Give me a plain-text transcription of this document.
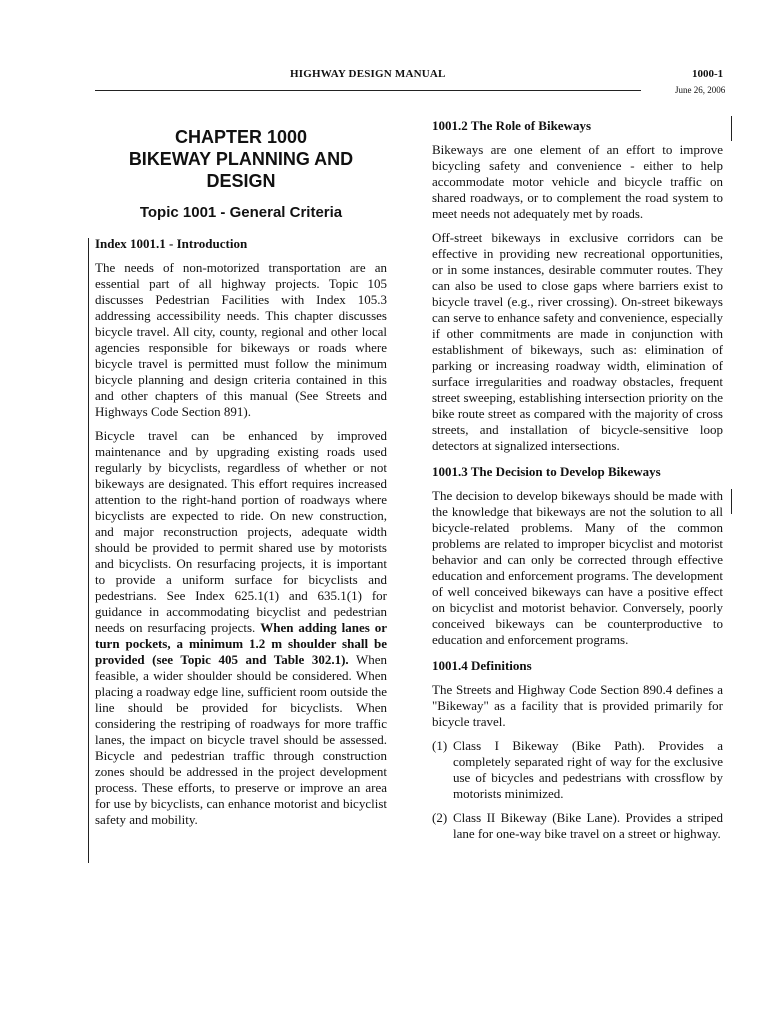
HIGHWAY DESIGN MANUAL	1000-1
June 26, 2006
CHAPTER 1000
BIKEWAY PLANNING AND
DESIGN
Topic 1001 - General Criteria
Index 1001.1 - Introduction

The needs of non-motorized transportation are an essential part of all highway projects. Topic 105 discusses Pedestrian Facilities with Index 105.3 addressing accessibility needs. This chapter discusses bicycle travel. All city, county, regional and other local agencies responsible for bikeways or roads where bicycle travel is permitted must follow the minimum bicycle planning and design criteria contained in this and other chapters of this manual (See Streets and Highways Code Section 891).

Bicycle travel can be enhanced by improved maintenance and by upgrading existing roads used regularly by bicyclists, regardless of whether or not bikeways are designated. This effort requires increased attention to the right-hand portion of roadways where bicyclists are expected to ride. On new construction, and major reconstruction projects, adequate width should be provided to permit shared use by motorists and bicyclists. On resurfacing projects, it is important to provide a uniform surface for bicyclists and pedestrians. See Index 625.1(1) and 635.1(1) for guidance in accommodating bicyclist and pedestrian needs on resurfacing projects. When adding lanes or turn pockets, a minimum 1.2 m shoulder shall be provided (see Topic 405 and Table 302.1). When feasible, a wider shoulder should be considered. When placing a roadway edge line, sufficient room outside the line should be provided for bicyclists. When considering the restriping of roadways for more traffic lanes, the impact on bicycle travel should be assessed. Bicycle and pedestrian traffic through construction zones should be addressed in the project development process. These efforts, to preserve or improve an area for use by bicyclists, can enhance motorist and bicyclist safety and mobility.

1001.2 The Role of Bikeways

Bikeways are one element of an effort to improve bicycling safety and convenience - either to help accommodate motor vehicle and bicycle traffic on shared roadways, or to complement the road system to meet needs not adequately met by roads.

Off-street bikeways in exclusive corridors can be effective in providing new recreational opportunities, or in some instances, desirable commuter routes. They can also be used to close gaps where barriers exist to bicycle travel (e.g., river crossing). On-street bikeways can serve to enhance safety and convenience, especially if other commitments are made in conjunction with establishment of bikeways, such as: elimination of parking or increasing roadway width, elimination of surface irregularities and roadway obstacles, frequent street sweeping, establishing intersection priority on the bike route street as compared with the majority of cross streets, and installation of bicycle-sensitive loop detectors at signalized intersections.

1001.3 The Decision to Develop Bikeways

The decision to develop bikeways should be made with the knowledge that bikeways are not the solution to all bicycle-related problems. Many of the common problems are related to improper bicyclist and motorist behavior and can only be corrected through effective education and enforcement programs. The development of well conceived bikeways can have a positive effect on bicyclist and motorist behavior. Conversely, poorly conceived bikeways can be counterproductive to education and enforcement programs.

1001.4 Definitions

The Streets and Highway Code Section 890.4 defines a "Bikeway" as a facility that is provided primarily for bicycle travel.

(1) Class I Bikeway (Bike Path). Provides a completely separated right of way for the exclusive use of bicycles and pedestrians with crossflow by motorists minimized.
(2) Class II Bikeway (Bike Lane). Provides a striped lane for one-way bike travel on a street or highway.
